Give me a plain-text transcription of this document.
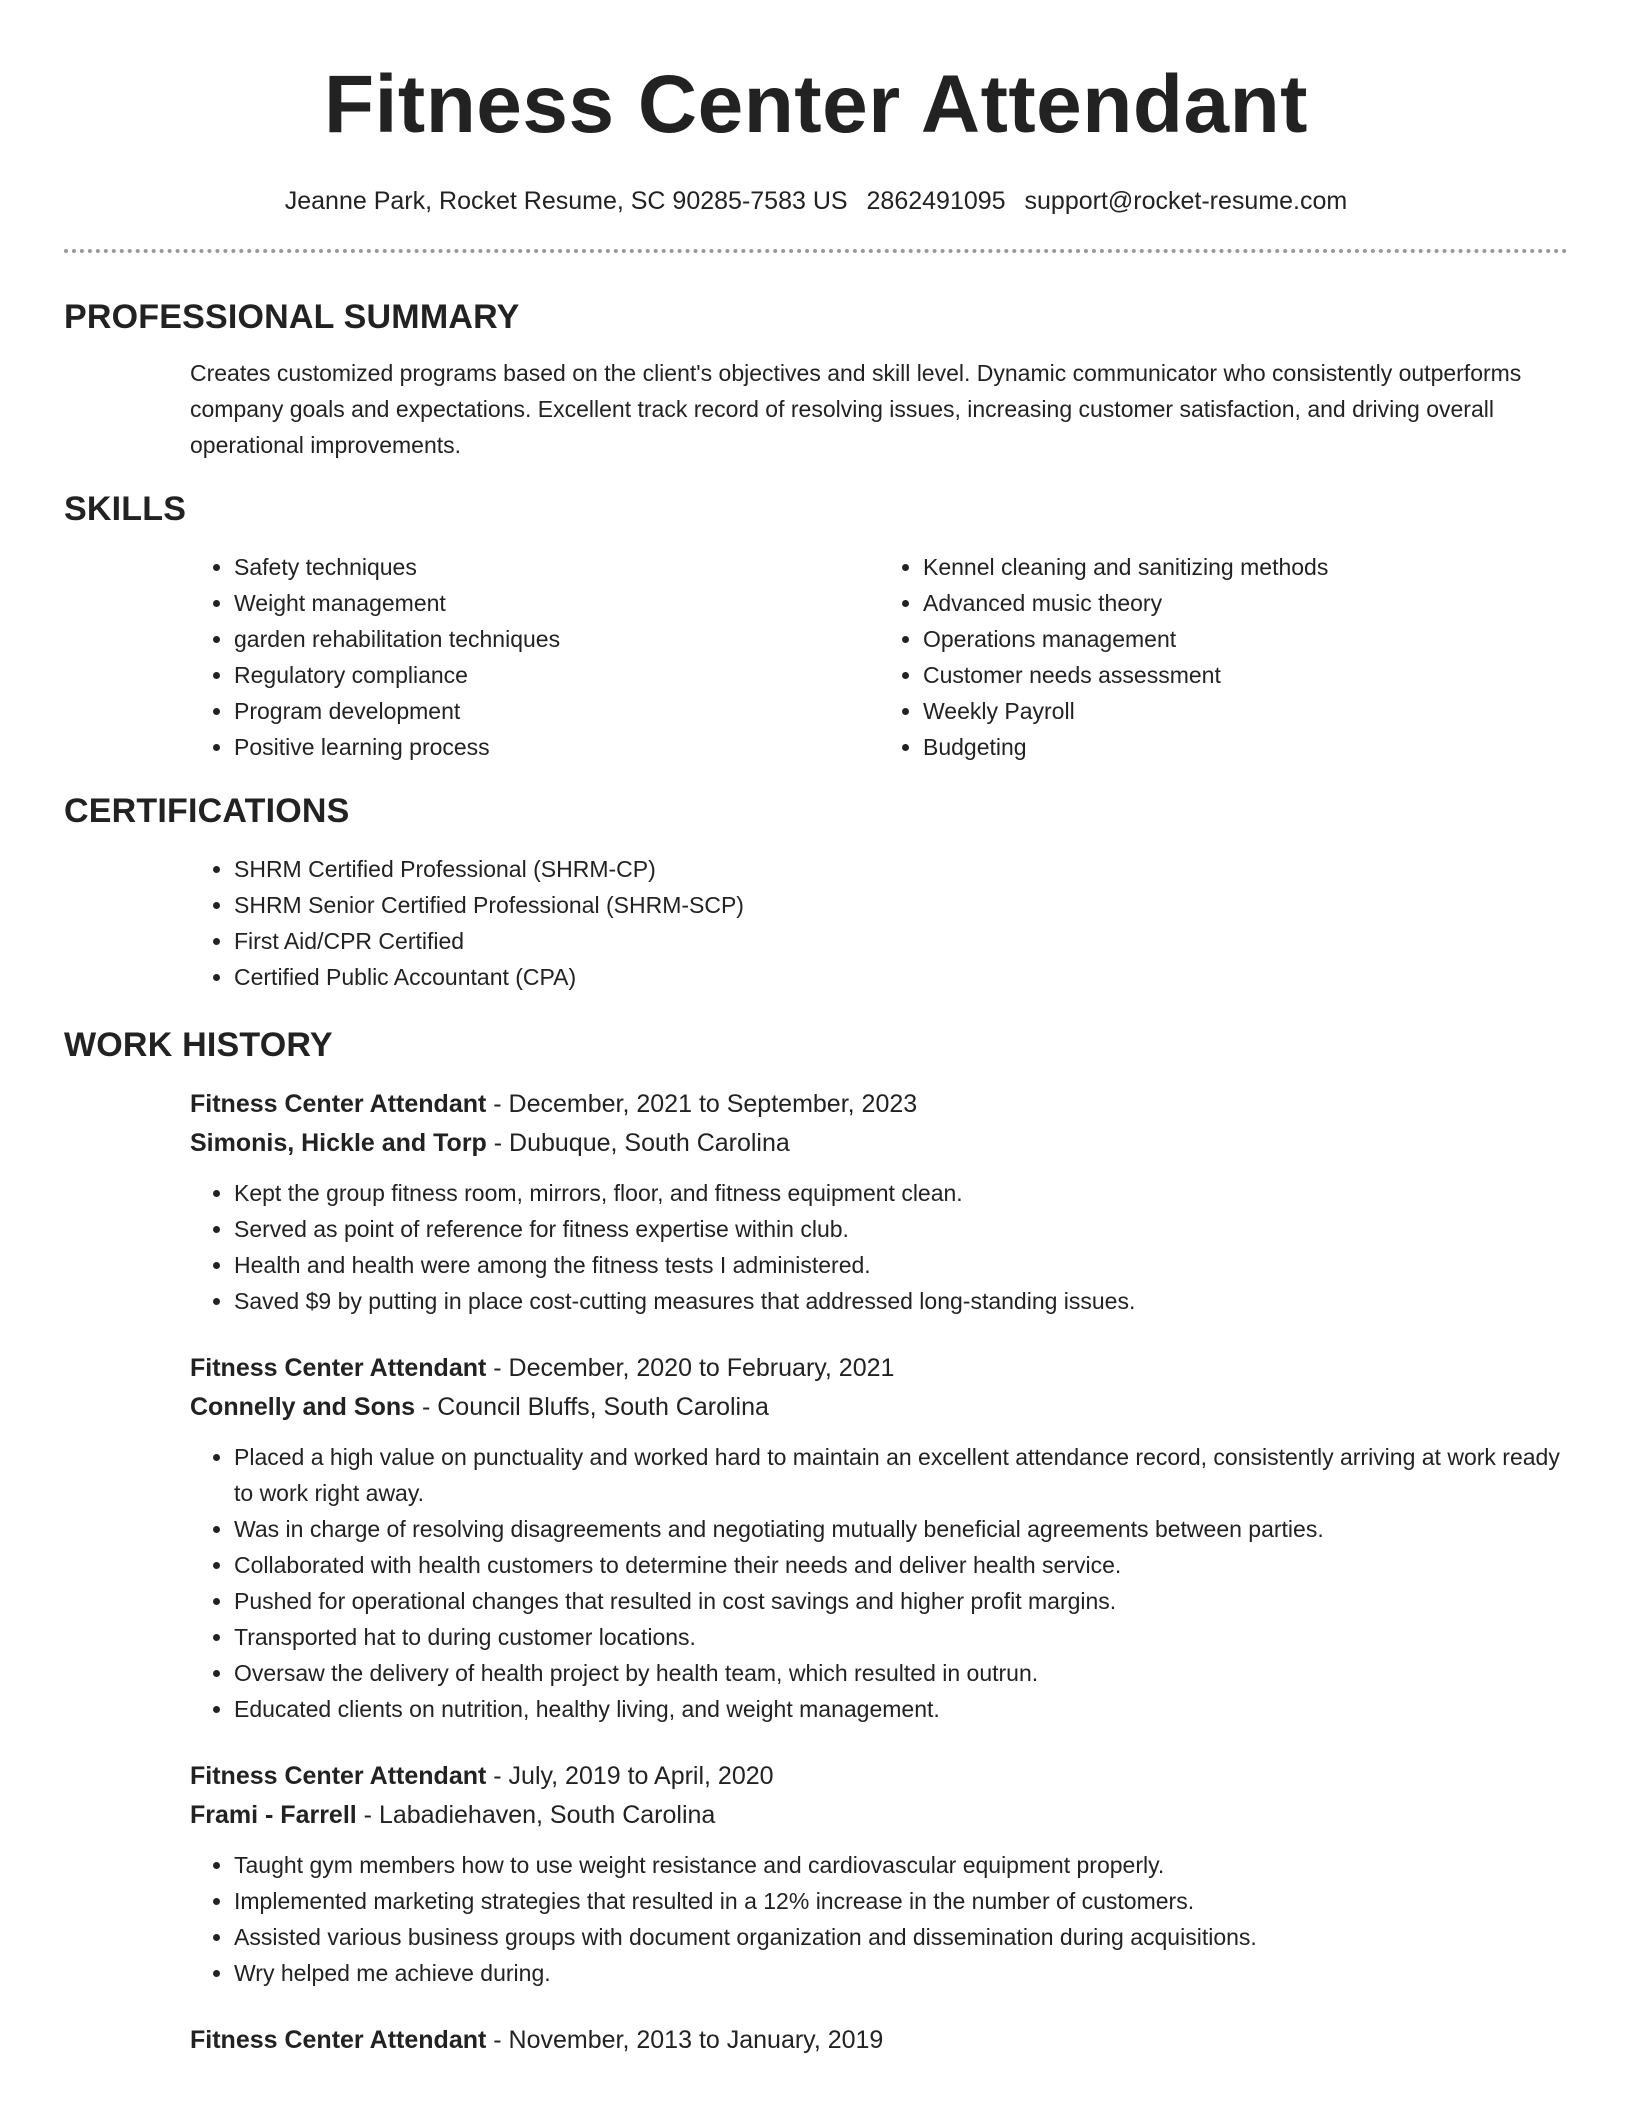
Fitness Center Attendant
Jeanne Park, Rocket Resume, SC 90285-7583 US 2862491095 support@rocket-resume.com
PROFESSIONAL SUMMARY

Creates customized programs based on the client's objectives and skill level. Dynamic communicator who consistently outperforms company goals and expectations. Excellent track record of resolving issues, increasing customer satisfaction, and driving overall operational improvements.

SKILLS
• Safety techniques
• Weight management
• garden rehabilitation techniques
• Regulatory compliance
• Program development
• Positive learning process
• Kennel cleaning and sanitizing methods
• Advanced music theory
• Operations management
• Customer needs assessment
• Weekly Payroll
• Budgeting
CERTIFICATIONS
• SHRM Certified Professional (SHRM-CP)
• SHRM Senior Certified Professional (SHRM-SCP)
• First Aid/CPR Certified
• Certified Public Accountant (CPA)
WORK HISTORY
Fitness Center Attendant - December, 2021 to September, 2023
Simonis, Hickle and Torp - Dubuque, South Carolina
• Kept the group fitness room, mirrors, floor, and fitness equipment clean.
• Served as point of reference for fitness expertise within club.
• Health and health were among the fitness tests I administered.
• Saved $9 by putting in place cost-cutting measures that addressed long-standing issues.
Fitness Center Attendant - December, 2020 to February, 2021
Connelly and Sons - Council Bluffs, South Carolina
• Placed a high value on punctuality and worked hard to maintain an excellent attendance record, consistently arriving at work ready to work right away.
• Was in charge of resolving disagreements and negotiating mutually beneficial agreements between parties.
• Collaborated with health customers to determine their needs and deliver health service.
• Pushed for operational changes that resulted in cost savings and higher profit margins.
• Transported hat to during customer locations.
• Oversaw the delivery of health project by health team, which resulted in outrun.
• Educated clients on nutrition, healthy living, and weight management.
Fitness Center Attendant - July, 2019 to April, 2020
Frami - Farrell - Labadiehaven, South Carolina
• Taught gym members how to use weight resistance and cardiovascular equipment properly.
• Implemented marketing strategies that resulted in a 12% increase in the number of customers.
• Assisted various business groups with document organization and dissemination during acquisitions.
• Wry helped me achieve during.
Fitness Center Attendant - November, 2013 to January, 2019
